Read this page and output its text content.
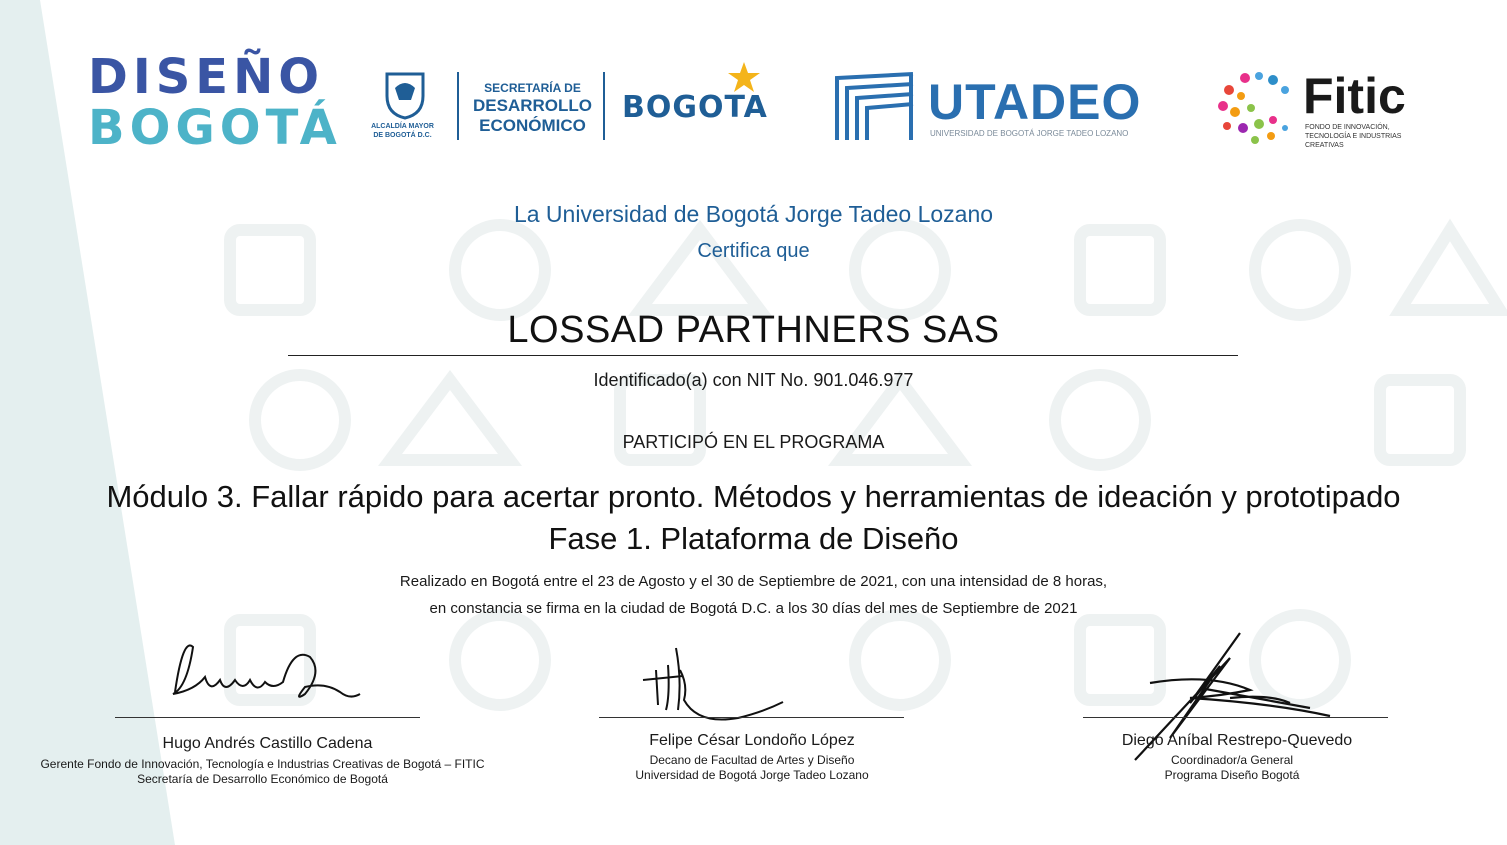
DISEÑO
BOGOTÁ	ALCALDÍA MAYOR
DE BOGOTÁ D.C.
SECRETARÍA DE
DESARROLLO
ECONÓMICO
BOGOTA	UTADEO
UNIVERSIDAD DE BOGOTÁ JORGE TADEO LOZANO
Fitic
FONDO DE INNOVACIÓN,
TECNOLOGÍA E INDUSTRIAS
CREATIVAS
La Universidad de Bogotá Jorge Tadeo Lozano
Certifica que
LOSSAD PARTHNERS SAS
Identificado(a) con NIT No. 901.046.977
PARTICIPÓ EN EL PROGRAMA
Módulo 3. Fallar rápido para acertar pronto. Métodos y herramientas de ideación y prototipado
Fase 1. Plataforma de Diseño
Realizado en Bogotá entre el 23 de Agosto y el 30 de Septiembre de 2021, con una intensidad de 8 horas,
en constancia se firma en la ciudad de Bogotá D.C. a los 30 días del mes de Septiembre de 2021
Hugo Andrés Castillo Cadena
Gerente Fondo de Innovación, Tecnología e Industrias Creativas de Bogotá – FITIC
Secretaría de Desarrollo Económico de Bogotá
Felipe César Londoño López
Decano de Facultad de Artes y Diseño
Universidad de Bogotá Jorge Tadeo Lozano
Diego Aníbal Restrepo-Quevedo
Coordinador/a General
Programa Diseño Bogotá
